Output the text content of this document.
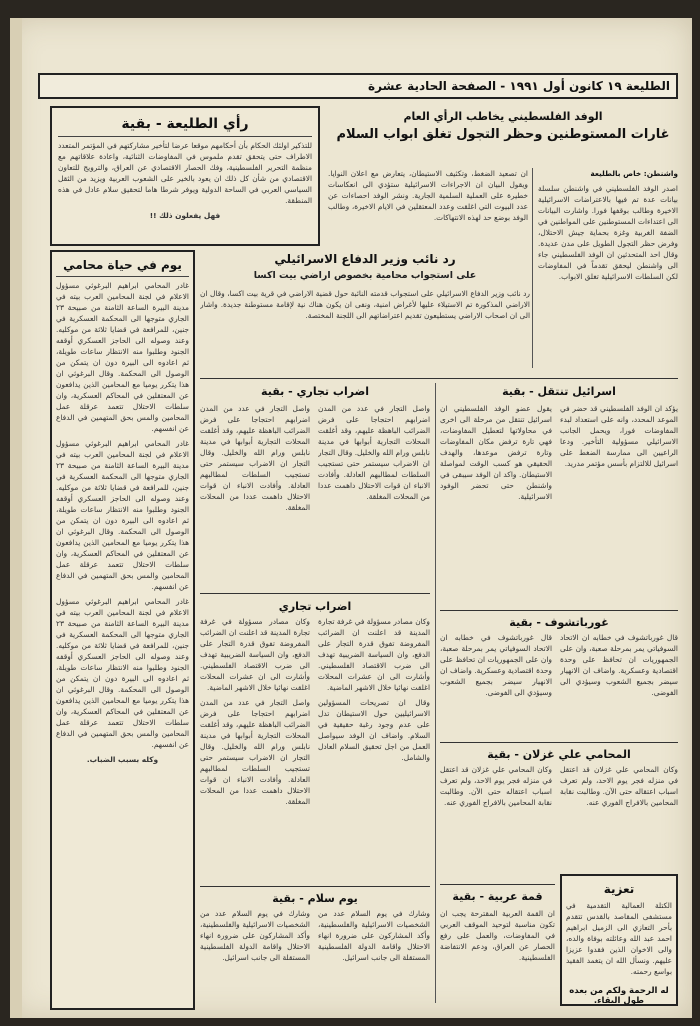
الطليعة ١٩ كانون أول ١٩٩١ - الصفحة الحادية عشرة
رأي الطليعة - بقية

للتذكير اولئك الحكام بأن أحكامهم موقعا عرضا لتأخير مشاركتهم في المؤتمر المتعدد الاطراف حتى يتحقق تقدم ملموس في المفاوضات الثنائية، واعادة علاقاتهم مع منظمة التحرير الفلسطينية، وفك الحصار الاقتصادي عن العراق، والترويج للتعاون الاقتصادي من شأن كل ذلك ان يعود بالخير على الشعوب العربية ويزيد من الثقل السياسي العربي في الساحة الدولية ويوفر شرطا هاما لتحقيق سلام عادل في هذه المنطقة.

فهل يفعلون ذلك !!

الوفد الفلسطيني يخاطب الرأي العام
غارات المستوطنين وحظر التجول تغلق ابواب السلام

واشنطن: خاص بالطليعة

اصدر الوفد الفلسطيني في واشنطن سلسلة بيانات عدة تم فيها بالاعتراضات الاسرائيلية الاخيرة وطالب بوقفها فورا. واشارت البيانات الى اعتداءات المستوطنين على المواطنين في الضفة الغربية وغزة بحماية جيش الاحتلال، وفرض حظر التجول الطويل على مدن عديدة. وقال احد المتحدثين ان الوفد الفلسطيني جاء الى واشنطن ليحقق تقدماً في المفاوضات لكن السلطات الاسرائيلية تغلق الابواب.

ان تصعيد الضغط، وتكثيف الاستيطان، يتعارض مع اعلان النوايا. ويقول البيان ان الاجراءات الاسرائيلية ستؤدي الى انعكاسات خطيرة على العملية السلمية الجارية. ونشر الوفد احصاءات عن عدد البيوت التي اغلقت وعدد المعتقلين في الايام الاخيرة، وطالب الوفد بوضع حد لهذه الانتهاكات.

رد نائب وزير الدفاع الاسرائيلي
على استجواب محامية بخصوص اراضي بيت اكسا

رد نائب وزير الدفاع الاسرائيلي على استجواب قدمته النائبة حول قضية الاراضي في قرية بيت اكسا، وقال ان الاراضي المذكورة تم الاستيلاء عليها لأغراض امنية، ونفى ان يكون هناك نية لإقامة مستوطنة جديدة. واشار الى ان اصحاب الاراضي يستطيعون تقديم اعتراضاتهم الى اللجنة المختصة.

يوم في حياة محامي

غادر المحامي ابراهيم البرغوثي مسؤول الاعلام في لجنة المحامين العرب بيته في مدينة البيرة الساعة الثامنة من صبيحة ٢٣ الجاري متوجها الى المحكمة العسكرية في جنين، للمرافعة في قضايا ثلاثة من موكليه. وعند وصوله الى الحاجز العسكري أوقفه الجنود وطلبوا منه الانتظار ساعات طويلة، ثم اعادوه الى البيرة دون ان يتمكن من الوصول الى المحكمة. وقال البرغوثي ان هذا يتكرر يوميا مع المحامين الذين يدافعون عن المعتقلين في المحاكم العسكرية، وان سلطات الاحتلال تتعمد عرقلة عمل المحامين والمس بحق المتهمين في الدفاع عن انفسهم.

غادر المحامي ابراهيم البرغوثي مسؤول الاعلام في لجنة المحامين العرب بيته في مدينة البيرة الساعة الثامنة من صبيحة ٢٣ الجاري متوجها الى المحكمة العسكرية في جنين، للمرافعة في قضايا ثلاثة من موكليه. وعند وصوله الى الحاجز العسكري أوقفه الجنود وطلبوا منه الانتظار ساعات طويلة، ثم اعادوه الى البيرة دون ان يتمكن من الوصول الى المحكمة. وقال البرغوثي ان هذا يتكرر يوميا مع المحامين الذين يدافعون عن المعتقلين في المحاكم العسكرية، وان سلطات الاحتلال تتعمد عرقلة عمل المحامين والمس بحق المتهمين في الدفاع عن انفسهم.

غادر المحامي ابراهيم البرغوثي مسؤول الاعلام في لجنة المحامين العرب بيته في مدينة البيرة الساعة الثامنة من صبيحة ٢٣ الجاري متوجها الى المحكمة العسكرية في جنين، للمرافعة في قضايا ثلاثة من موكليه. وعند وصوله الى الحاجز العسكري أوقفه الجنود وطلبوا منه الانتظار ساعات طويلة، ثم اعادوه الى البيرة دون ان يتمكن من الوصول الى المحكمة. وقال البرغوثي ان هذا يتكرر يوميا مع المحامين الذين يدافعون عن المعتقلين في المحاكم العسكرية، وان سلطات الاحتلال تتعمد عرقلة عمل المحامين والمس بحق المتهمين في الدفاع عن انفسهم.

وكله بسبب الضباب.

اضراب تجاري - بقية

واصل التجار في عدد من المدن اضرابهم احتجاجا على فرض الضرائب الباهظة عليهم، وقد أغلقت المحلات التجارية أبوابها في مدينة نابلس ورام الله والخليل. وقال التجار ان الاضراب سيستمر حتى تستجيب السلطات لمطالبهم العادلة. وأفادت الانباء ان قوات الاحتلال داهمت عددا من المحلات المغلقة.

واصل التجار في عدد من المدن اضرابهم احتجاجا على فرض الضرائب الباهظة عليهم، وقد أغلقت المحلات التجارية أبوابها في مدينة نابلس ورام الله والخليل. وقال التجار ان الاضراب سيستمر حتى تستجيب السلطات لمطالبهم العادلة. وأفادت الانباء ان قوات الاحتلال داهمت عددا من المحلات المغلقة.

اسرائيل تنتقل - بقية

يقول عضو الوفد الفلسطيني ان اسرائيل تنتقل من مرحلة الى اخرى في محاولاتها لتعطيل المفاوضات، فهي تارة ترفض مكان المفاوضات وتارة ترفض موعدها، والهدف الحقيقي هو كسب الوقت لمواصلة الاستيطان. واكد ان الوفد سيبقى في واشنطن حتى تحضر الوفود الاسرائيلية.

يؤكد ان الوفد الفلسطيني قد حضر في الموعد المحدد، وانه على استعداد لبدء المفاوضات فورا، ويحمل الجانب الاسرائيلي مسؤولية التأخير. ودعا الراعيين الى ممارسة الضغط على اسرائيل للالتزام بأسس مؤتمر مدريد.

اضراب تجاري

وكان مصادر مسؤولة في غرفة تجارة المدينة قد اعلنت ان الضرائب المفروضة تفوق قدرة التجار على الدفع، وان السياسة الضريبية تهدف الى ضرب الاقتصاد الفلسطيني. وأشارت الى ان عشرات المحلات اغلقت نهائيا خلال الاشهر الماضية.

واصل التجار في عدد من المدن اضرابهم احتجاجا على فرض الضرائب الباهظة عليهم، وقد أغلقت المحلات التجارية أبوابها في مدينة نابلس ورام الله والخليل. وقال التجار ان الاضراب سيستمر حتى تستجيب السلطات لمطالبهم العادلة. وأفادت الانباء ان قوات الاحتلال داهمت عددا من المحلات المغلقة.

وكان مصادر مسؤولة في غرفة تجارة المدينة قد اعلنت ان الضرائب المفروضة تفوق قدرة التجار على الدفع، وان السياسة الضريبية تهدف الى ضرب الاقتصاد الفلسطيني. وأشارت الى ان عشرات المحلات اغلقت نهائيا خلال الاشهر الماضية.

وقال ان تصريحات المسؤولين الاسرائيليين حول الاستيطان تدل على عدم وجود رغبة حقيقية في السلام. واضاف ان الوفد سيواصل العمل من اجل تحقيق السلام العادل والشامل.

غورباتشوف - بقية

قال غورباتشوف في خطابه ان الاتحاد السوفياتي يمر بمرحلة صعبة، وان على الجمهوريات ان تحافظ على وحدة اقتصادية وعسكرية. واضاف ان الانهيار سيضر بجميع الشعوب وسيؤدي الى الفوضى.

قال غورباتشوف في خطابه ان الاتحاد السوفياتي يمر بمرحلة صعبة، وان على الجمهوريات ان تحافظ على وحدة اقتصادية وعسكرية. واضاف ان الانهيار سيضر بجميع الشعوب وسيؤدي الى الفوضى.

المحامي علي غزلان - بقية

وكان المحامي علي غزلان قد اعتقل في منزله فجر يوم الاحد، ولم تعرف اسباب اعتقاله حتى الآن. وطالبت نقابة المحامين بالافراج الفوري عنه.

وكان المحامي علي غزلان قد اعتقل في منزله فجر يوم الاحد، ولم تعرف اسباب اعتقاله حتى الآن. وطالبت نقابة المحامين بالافراج الفوري عنه.

تعزية

الكتلة العمالية التقدمية في مستشفى المقاصد بالقدس تتقدم بأحر التعازي الى الزميل ابراهيم احمد عبد الله وعائلته بوفاة والده، والى الاخوان الذين فقدوا عزيزا عليهم. ونسأل الله ان يتغمد الفقيد بواسع رحمته.

له الرحمة ولكم من بعده طول البقاء.
قمة عربية - بقية

ان القمة العربية المقترحة يجب ان تكون مناسبة لتوحيد الموقف العربي في المفاوضات، والعمل على رفع الحصار عن العراق، ودعم الانتفاضة الفلسطينية.

يوم سلام - بقية

وشارك في يوم السلام عدد من الشخصيات الاسرائيلية والفلسطينية، وأكد المشاركون على ضرورة انهاء الاحتلال واقامة الدولة الفلسطينية المستقلة الى جانب اسرائيل.

وشارك في يوم السلام عدد من الشخصيات الاسرائيلية والفلسطينية، وأكد المشاركون على ضرورة انهاء الاحتلال واقامة الدولة الفلسطينية المستقلة الى جانب اسرائيل.
